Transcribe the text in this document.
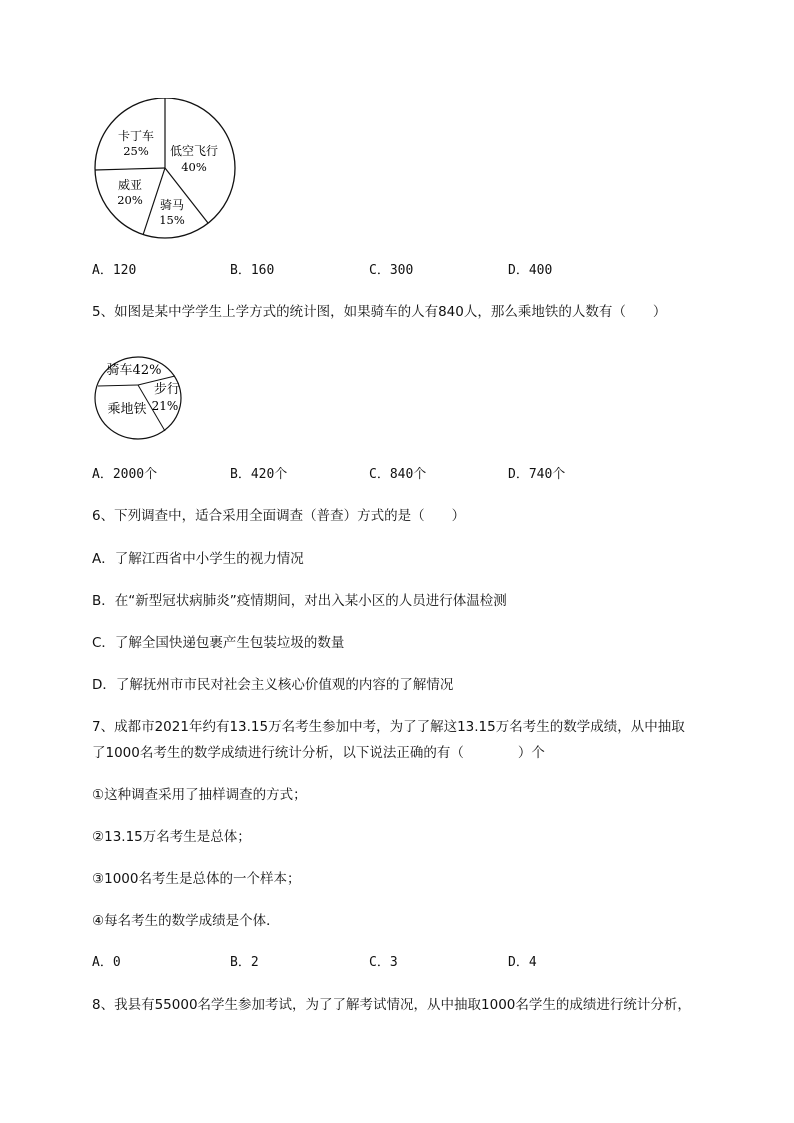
低空飞行
40%
骑马
15%
威亚
20%
卡丁车
25%
A．120	B．160	C．300	D．400
5、如图是某中学学生上学方式的统计图，如果骑车的人有840人，那么乘地铁的人数有（　　）
骑车42%
步行
21%
乘地铁
A．2000个	B．420个	C．840个	D．740个
6、下列调查中，适合采用全面调查（普查）方式的是（　　）
A．了解江西省中小学生的视力情况
B．在“新型冠状病肺炎”疫情期间，对出入某小区的人员进行体温检测
C．了解全国快递包裹产生包装垃圾的数量
D．了解抚州市市民对社会主义核心价值观的内容的了解情况
7、成都市2021年约有13.15万名考生参加中考，为了了解这13.15万名考生的数学成绩，从中抽取
了1000名考生的数学成绩进行统计分析，以下说法正确的有（　　　　）个
①这种调查采用了抽样调查的方式；
②13.15万名考生是总体；
③1000名考生是总体的一个样本；
④每名考生的数学成绩是个体．
A．0	B．2	C．3	D．4
8、我县有55000名学生参加考试，为了了解考试情况，从中抽取1000名学生的成绩进行统计分析，
